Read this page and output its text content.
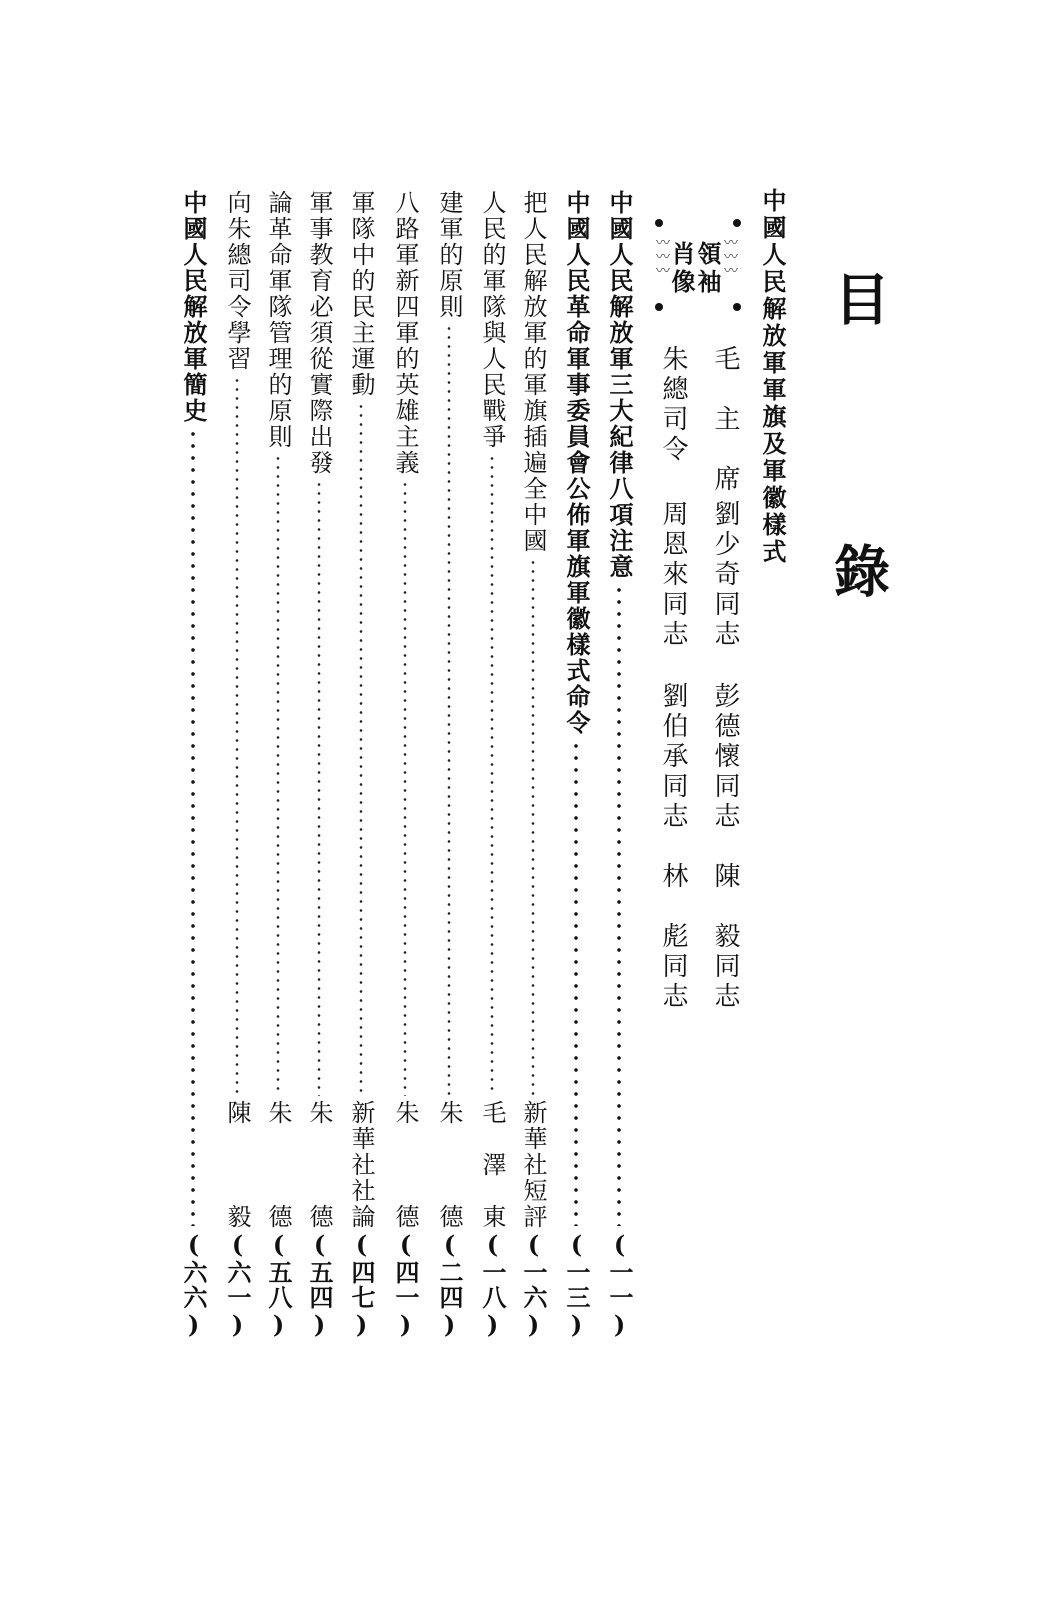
目　錄
中國人民解放軍軍旗及軍徽樣式
〰〰〰
〰〰〰 領袖
肖像
毛　主　席
劉少奇同志
彭德懷同志
陳　毅同志
朱總司令
周恩來同志
劉伯承同志
林　彪同志
中國人民解放軍三大紀律八項注意
(一一)
中國人民革命軍事委員會公佈軍旗軍徽樣式命令
(一三)
把人民解放軍的軍旗插遍全中國
新華社短評
(一六)
人民的軍隊與人民戰爭
毛　澤　東
(一八)
建軍的原則
朱　　　德
(二四)
八路軍新四軍的英雄主義
朱　　　德
(四一)
軍隊中的民主運動
新華社社論
(四七)
軍事教育必須從實際出發
朱　　　德
(五四)
論革命軍隊管理的原則
朱　　　德
(五八)
向朱總司令學習
陳　　　毅
(六一)
中國人民解放軍簡史
(六六)
